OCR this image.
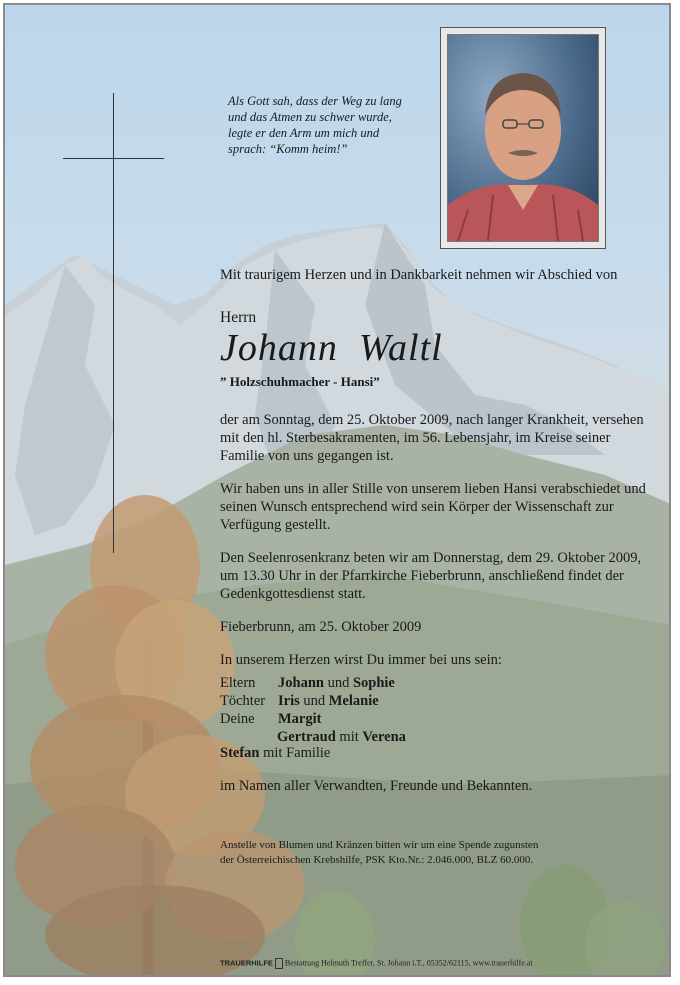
Als Gott sah, dass der Weg zu lang
und das Atmen zu schwer wurde,
legte er den Arm um mich und
sprach: “Komm heim!”
Mit traurigem Herzen und in Dankbarkeit nehmen wir Abschied von
Herrn
Johann  Waltl
” Holzschuhmacher - Hansi”
der am Sonntag, dem 25. Oktober 2009, nach langer Krankheit, versehen mit den hl. Sterbesakramenten, im 56. Lebensjahr, im Kreise seiner Familie von uns gegangen ist.
Wir haben uns in aller Stille von unserem lieben Hansi verabschiedet und seinen Wunsch entsprechend wird sein Körper der Wissenschaft zur Verfügung gestellt.
Den Seelenrosenkranz beten wir am Donnerstag, dem 29. Oktober 2009, um 13.30 Uhr in der Pfarrkirche Fieberbrunn, anschließend findet der Gedenkgottesdienst statt.
Fieberbrunn, am 25. Oktober 2009
In unserem Herzen wirst Du immer bei uns sein:
Eltern Johann und Sophie
Töchter Iris und Melanie
Deine Margit
Gertraud mit Verena
Stefan mit Familie
im Namen aller Verwandten, Freunde und Bekannten.
Anstelle von Blumen und Kränzen bitten wir um eine Spende zugunsten
der Österreichischen Krebshilfe, PSK Kto.Nr.: 2.046.000, BLZ 60.000.
TRAUERHILFE Bestattung Helmuth Treffer, St. Johann i.T., 05352/62115, www.trauerhilfe.at
